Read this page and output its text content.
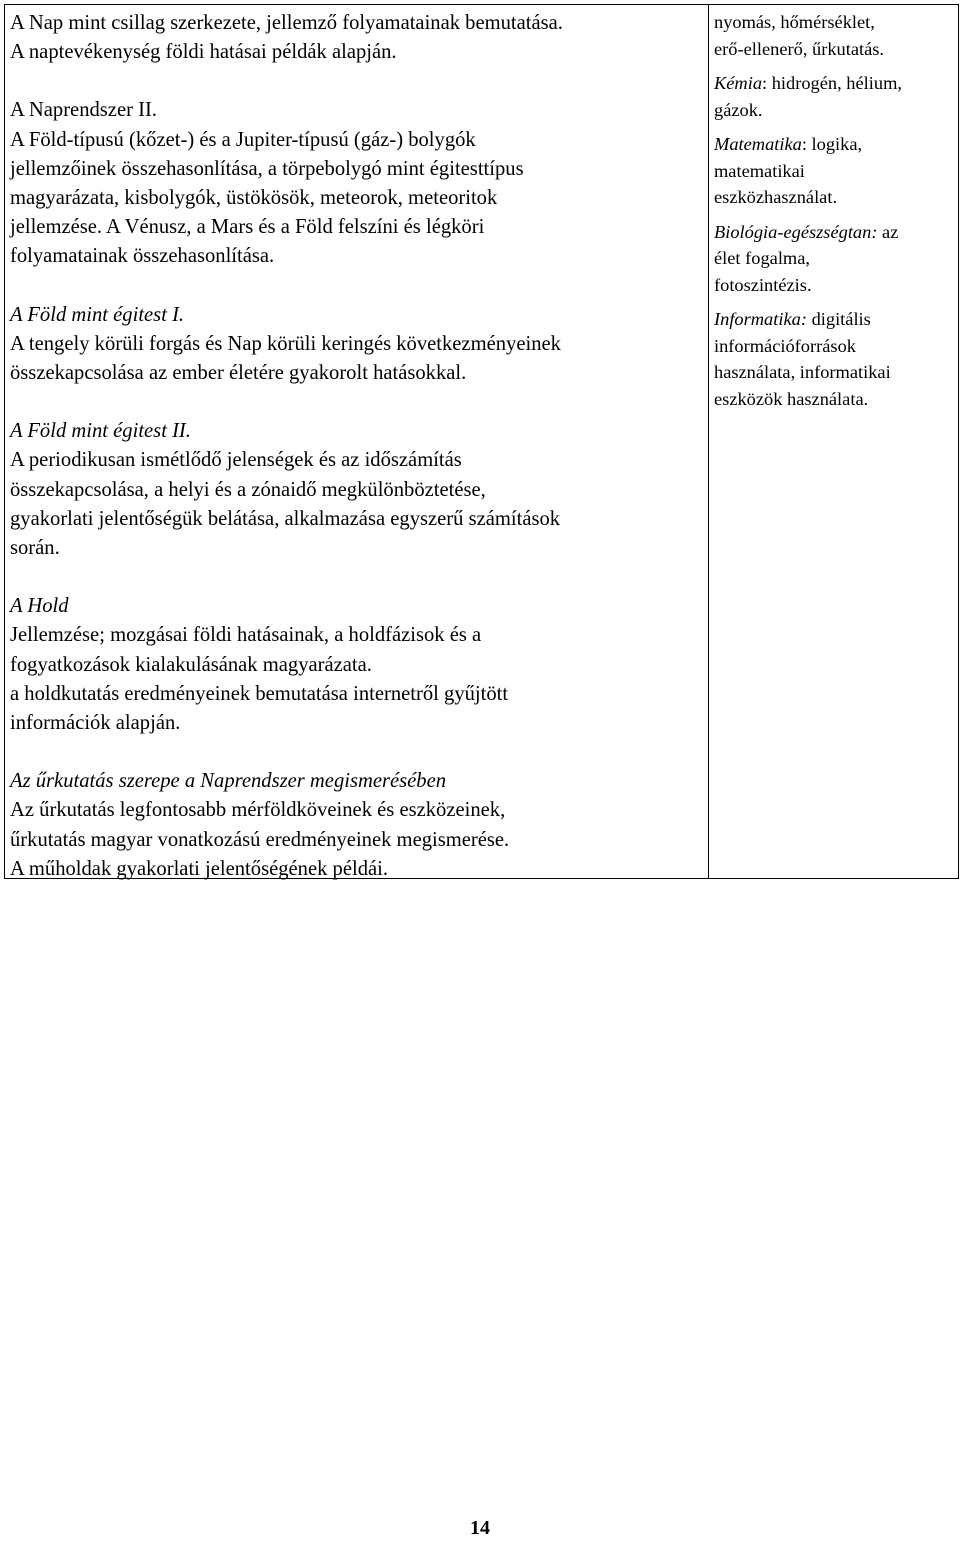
A Nap mint csillag szerkezete, jellemző folyamatainak bemutatása.

A naptevékenység földi hatásai példák alapján.

A Naprendszer II.

A Föld-típusú (kőzet-) és a Jupiter-típusú (gáz-) bolygók

jellemzőinek összehasonlítása, a törpebolygó mint égitesttípus

magyarázata, kisbolygók, üstökösök, meteorok, meteoritok

jellemzése. A Vénusz, a Mars és a Föld felszíni és légköri

folyamatainak összehasonlítása.

A Föld mint égitest I.

A tengely körüli forgás és Nap körüli keringés következményeinek

összekapcsolása az ember életére gyakorolt hatásokkal.

A Föld mint égitest II.

A periodikusan ismétlődő jelenségek és az időszámítás

összekapcsolása, a helyi és a zónaidő megkülönböztetése,

gyakorlati jelentőségük belátása, alkalmazása egyszerű számítások

során.

A Hold

Jellemzése; mozgásai földi hatásainak, a holdfázisok és a

fogyatkozások kialakulásának magyarázata.

a holdkutatás eredményeinek bemutatása internetről gyűjtött

információk alapján.

Az űrkutatás szerepe a Naprendszer megismerésében

Az űrkutatás legfontosabb mérföldköveinek és eszközeinek,

űrkutatás magyar vonatkozású eredményeinek megismerése.

A műholdak gyakorlati jelentőségének példái.

nyomás, hőmérséklet,

erő-ellenerő, űrkutatás.

Kémia: hidrogén, hélium,

gázok.

Matematika: logika,

matematikai

eszközhasználat.

Biológia-egészségtan: az

élet fogalma,

fotoszintézis.

Informatika: digitális

információforrások

használata, informatikai

eszközök használata.

14
